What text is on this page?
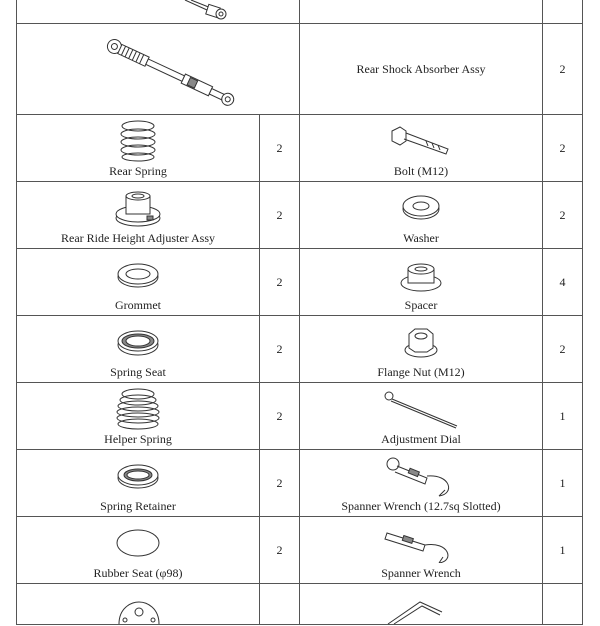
	Rear Shock Absorber Assy	2

Rear Spring	2	Bolt (M12)	2

Rear Ride Height Adjuster Assy	2	Washer	2

Grommet	2	Spacer	4

Spring Seat	2	Flange Nut (M12)	2

Helper Spring	2	Adjustment Dial	1

Spring Retainer	2	Spanner Wrench (12.7sq Slotted)	1

Rubber Seat (φ98)	2	Spanner Wrench	1
